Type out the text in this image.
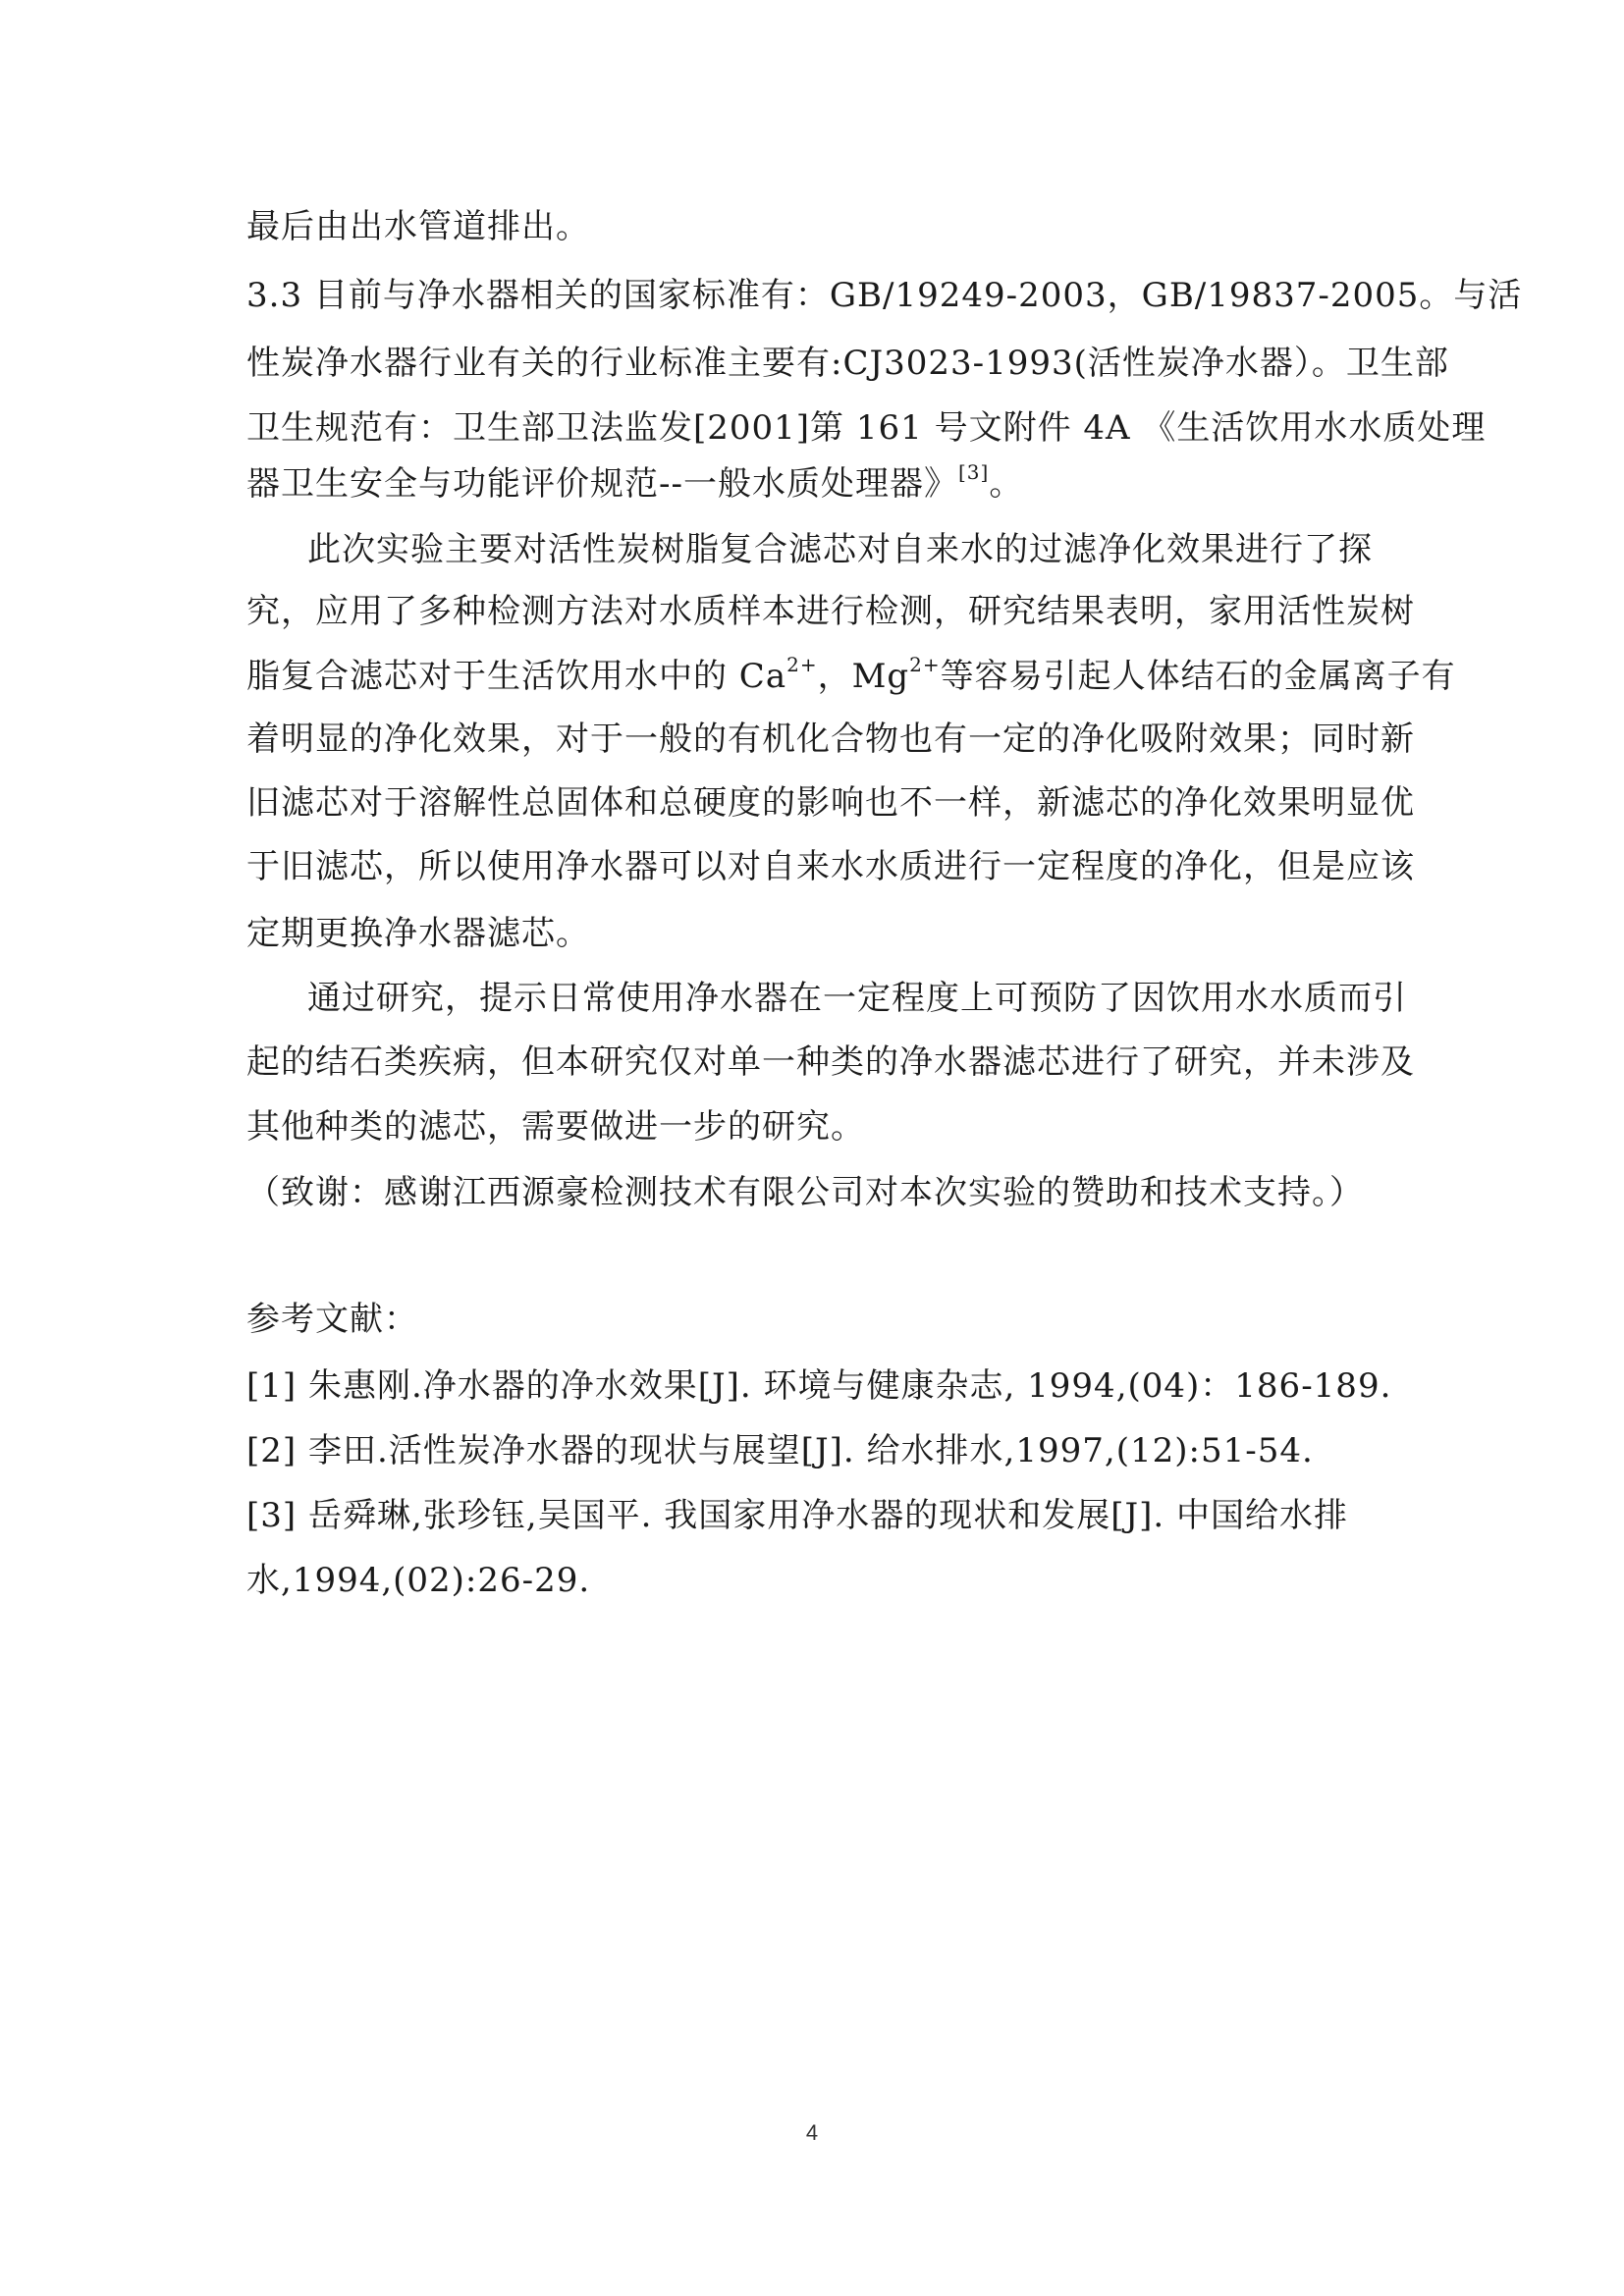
最后由出水管道排出。

3.3 目前与净水器相关的国家标准有：GB/19249-2003，GB/19837-2005。与活

性炭净水器行业有关的行业标准主要有:CJ3023-1993(活性炭净水器）。卫生部

卫生规范有：卫生部卫法监发[2001]第 161 号文附件 4A 《生活饮用水水质处理

器卫生安全与功能评价规范--一般水质处理器》[3]。

此次实验主要对活性炭树脂复合滤芯对自来水的过滤净化效果进行了探

究，应用了多种检测方法对水质样本进行检测，研究结果表明，家用活性炭树

脂复合滤芯对于生活饮用水中的 $Ca^{2+}$，$Mg^{2+}$等容易引起人体结石的金属离子有

着明显的净化效果，对于一般的有机化合物也有一定的净化吸附效果；同时新

旧滤芯对于溶解性总固体和总硬度的影响也不一样，新滤芯的净化效果明显优

于旧滤芯，所以使用净水器可以对自来水水质进行一定程度的净化，但是应该

定期更换净水器滤芯。

通过研究，提示日常使用净水器在一定程度上可预防了因饮用水水质而引

起的结石类疾病，但本研究仅对单一种类的净水器滤芯进行了研究，并未涉及

其他种类的滤芯，需要做进一步的研究。

（致谢：感谢江西源豪检测技术有限公司对本次实验的赞助和技术支持。）

参考文献：

[1] 朱惠刚.净水器的净水效果[J]. 环境与健康杂志, 1994,(04)：186-189.

[2] 李田.活性炭净水器的现状与展望[J]. 给水排水,1997,(12):51-54.

[3] 岳舜琳,张珍钰,吴国平. 我国家用净水器的现状和发展[J]. 中国给水排

水,1994,(02):26-29.

4
